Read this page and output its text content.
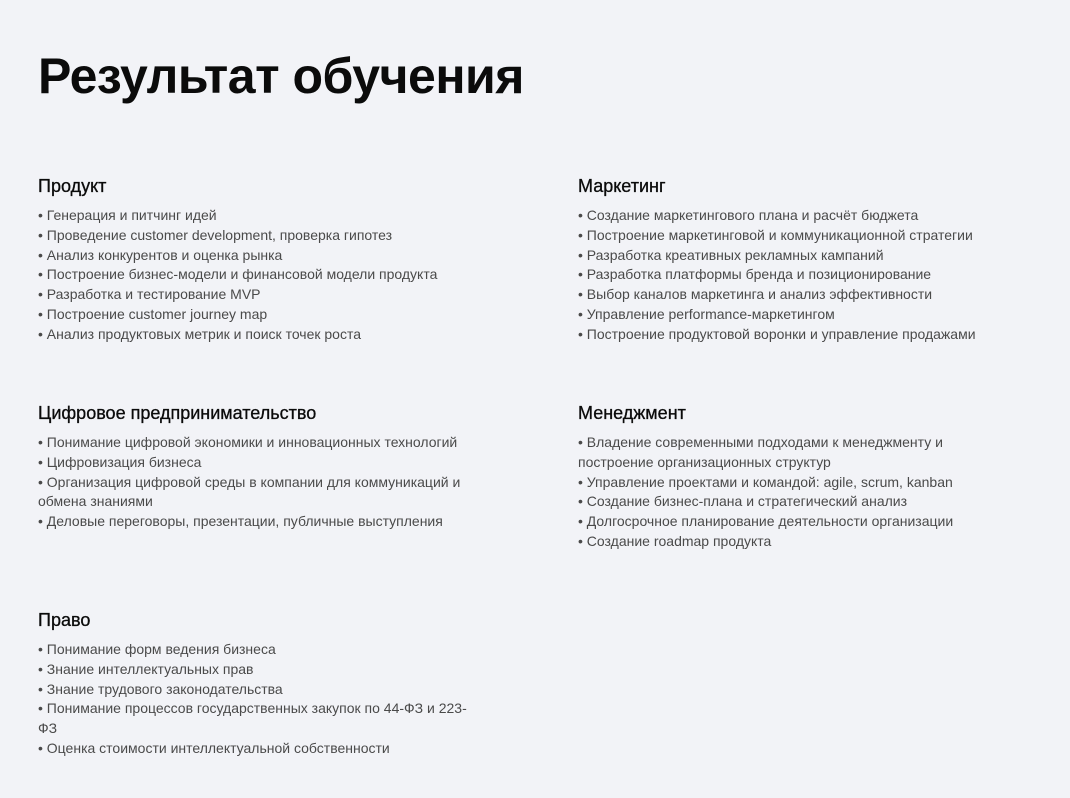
Результат обучения
Продукт
• Генерация и питчинг идей
• Проведение customer development, проверка гипотез
• Анализ конкурентов и оценка рынка
• Построение бизнес-модели и финансовой модели продукта
• Разработка и тестирование MVP
• Построение customer journey map
• Анализ продуктовых метрик и поиск точек роста
Маркетинг
• Создание маркетингового плана и расчёт бюджета
• Построение маркетинговой и коммуникационной стратегии
• Разработка креативных рекламных кампаний
• Разработка платформы бренда и позиционирование
• Выбор каналов маркетинга и анализ эффективности
• Управление performance-маркетингом
• Построение продуктовой воронки и управление продажами
Цифровое предпринимательство
• Понимание цифровой экономики и инновационных технологий
• Цифровизация бизнеса
• Организация цифровой среды в компании для коммуникаций и обмена знаниями
• Деловые переговоры, презентации, публичные выступления
Менеджмент
• Владение современными подходами к менеджменту и построение организационных структур
• Управление проектами и командой: agile, scrum, kanban
• Создание бизнес-плана и стратегический анализ
• Долгосрочное планирование деятельности организации
• Создание roadmap продукта
Право
• Понимание форм ведения бизнеса
• Знание интеллектуальных прав
• Знание трудового законодательства
• Понимание процессов государственных закупок по 44-ФЗ и 223-ФЗ
• Оценка стоимости интеллектуальной собственности
